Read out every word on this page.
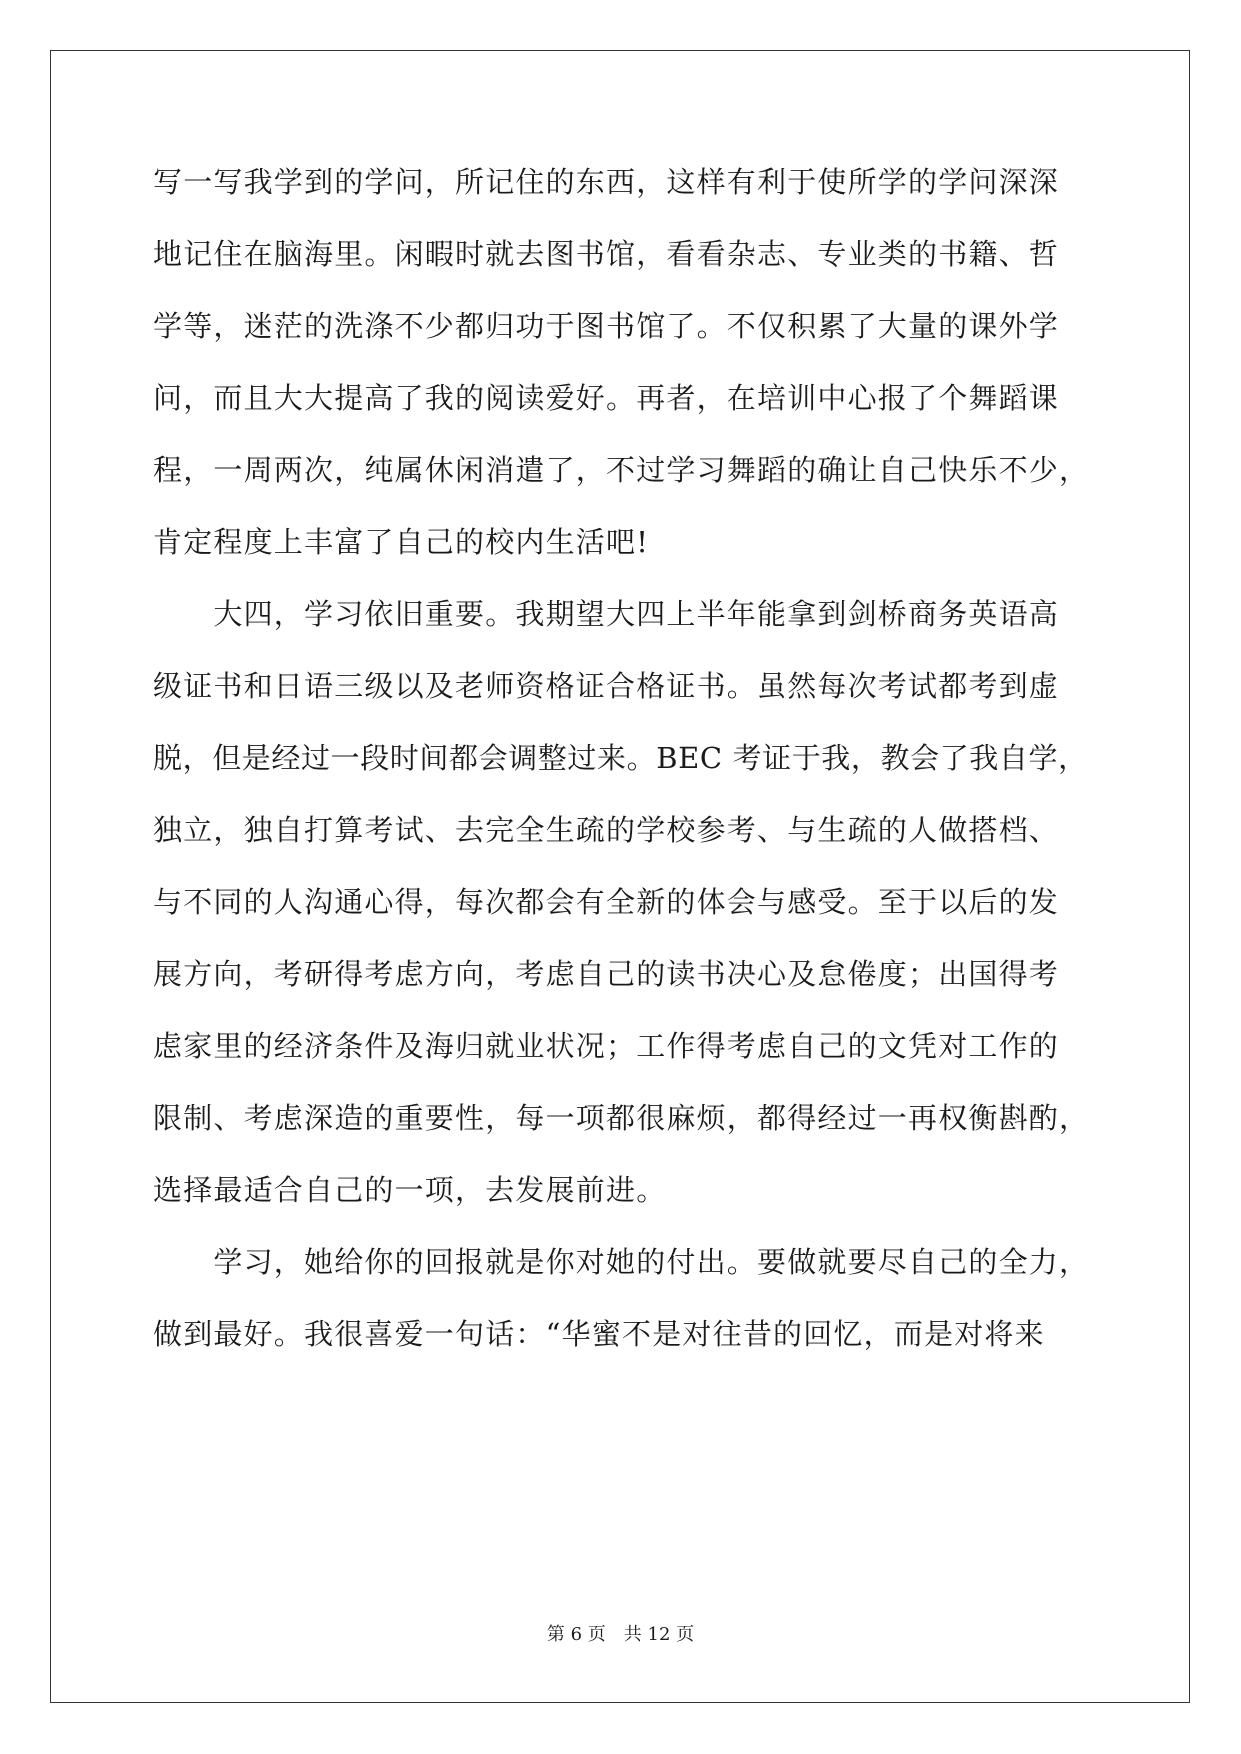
写一写我学到的学问，所记住的东西，这样有利于使所学的学问深深
地记住在脑海里。闲暇时就去图书馆，看看杂志、专业类的书籍、哲
学等，迷茫的洗涤不少都归功于图书馆了。不仅积累了大量的课外学
问，而且大大提高了我的阅读爱好。再者，在培训中心报了个舞蹈课
程，一周两次，纯属休闲消遣了，不过学习舞蹈的确让自己快乐不少，
肯定程度上丰富了自己的校内生活吧!
　　大四，学习依旧重要。我期望大四上半年能拿到剑桥商务英语高
级证书和日语三级以及老师资格证合格证书。虽然每次考试都考到虚
脱，但是经过一段时间都会调整过来。BEC 考证于我，教会了我自学，
独立，独自打算考试、去完全生疏的学校参考、与生疏的人做搭档、
与不同的人沟通心得，每次都会有全新的体会与感受。至于以后的发
展方向，考研得考虑方向，考虑自己的读书决心及怠倦度；出国得考
虑家里的经济条件及海归就业状况；工作得考虑自己的文凭对工作的
限制、考虑深造的重要性，每一项都很麻烦，都得经过一再权衡斟酌，
选择最适合自己的一项，去发展前进。
　　学习，她给你的回报就是你对她的付出。要做就要尽自己的全力，
做到最好。我很喜爱一句话：“华蜜不是对往昔的回忆，而是对将来
第 6 页　共 12 页
